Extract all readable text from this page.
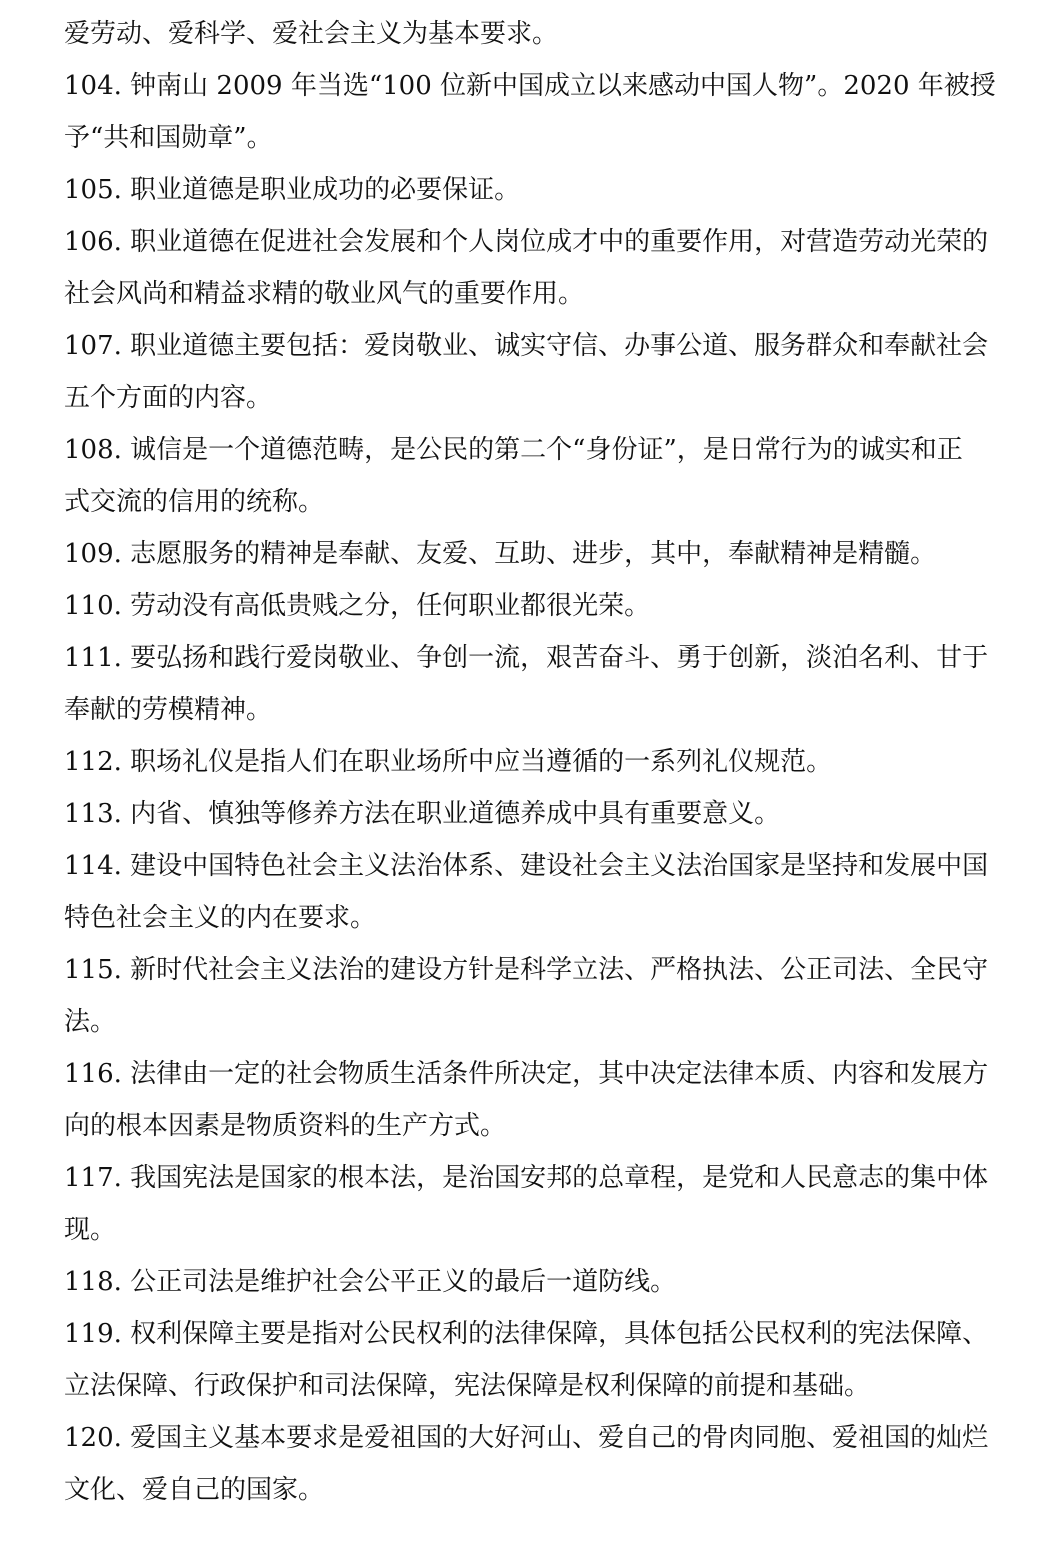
爱劳动、爱科学、爱社会主义为基本要求。
104. 钟南山 2009 年当选“100 位新中国成立以来感动中国人物”。2020 年被授
予“共和国勋章”。
105. 职业道德是职业成功的必要保证。
106. 职业道德在促进社会发展和个人岗位成才中的重要作用，对营造劳动光荣的
社会风尚和精益求精的敬业风气的重要作用。
107. 职业道德主要包括：爱岗敬业、诚实守信、办事公道、服务群众和奉献社会
五个方面的内容。
108. 诚信是一个道德范畴，是公民的第二个“身份证”，是日常行为的诚实和正
式交流的信用的统称。
109. 志愿服务的精神是奉献、友爱、互助、进步，其中，奉献精神是精髓。
110. 劳动没有高低贵贱之分，任何职业都很光荣。
111. 要弘扬和践行爱岗敬业、争创一流，艰苦奋斗、勇于创新，淡泊名利、甘于
奉献的劳模精神。
112. 职场礼仪是指人们在职业场所中应当遵循的一系列礼仪规范。
113. 内省、慎独等修养方法在职业道德养成中具有重要意义。
114. 建设中国特色社会主义法治体系、建设社会主义法治国家是坚持和发展中国
特色社会主义的内在要求。
115. 新时代社会主义法治的建设方针是科学立法、严格执法、公正司法、全民守
法。
116. 法律由一定的社会物质生活条件所决定，其中决定法律本质、内容和发展方
向的根本因素是物质资料的生产方式。
117. 我国宪法是国家的根本法，是治国安邦的总章程，是党和人民意志的集中体
现。
118. 公正司法是维护社会公平正义的最后一道防线。
119. 权利保障主要是指对公民权利的法律保障，具体包括公民权利的宪法保障、
立法保障、行政保护和司法保障，宪法保障是权利保障的前提和基础。
120. 爱国主义基本要求是爱祖国的大好河山、爱自己的骨肉同胞、爱祖国的灿烂
文化、爱自己的国家。
